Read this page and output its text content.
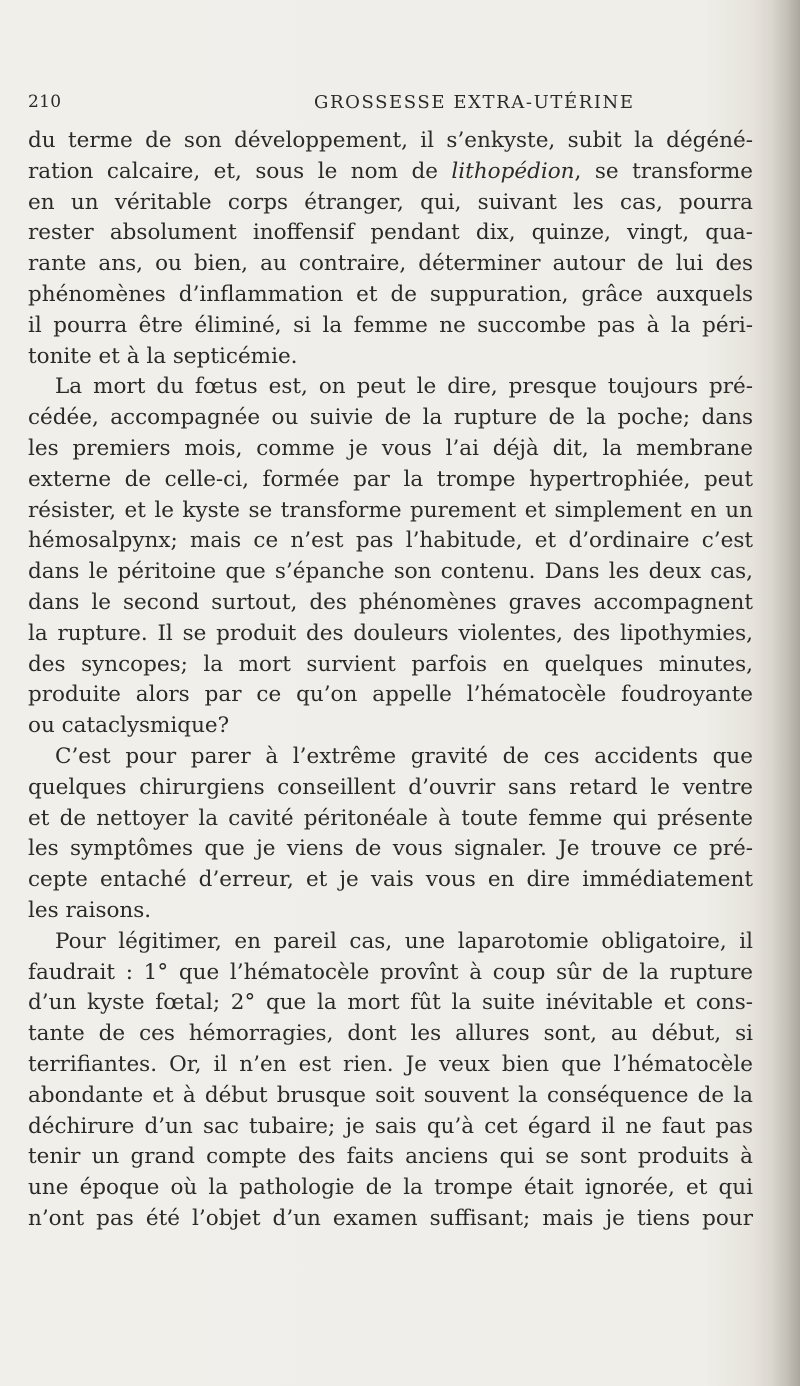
210	GROSSESSE EXTRA-UTÉRINE
du terme de son développement, il s’enkyste, subit la dégéné-
ration calcaire, et, sous le nom de lithopédion, se transforme
en un véritable corps étranger, qui, suivant les cas, pourra
rester absolument inoffensif pendant dix, quinze, vingt, qua-
rante ans, ou bien, au contraire, déterminer autour de lui des
phénomènes d’inflammation et de suppuration, grâce auxquels
il pourra être éliminé, si la femme ne succombe pas à la péri-
tonite et à la septicémie.
La mort du fœtus est, on peut le dire, presque toujours pré-
cédée, accompagnée ou suivie de la rupture de la poche; dans
les premiers mois, comme je vous l’ai déjà dit, la membrane
externe de celle-ci, formée par la trompe hypertrophiée, peut
résister, et le kyste se transforme purement et simplement en un
hémosalpynx; mais ce n’est pas l’habitude, et d’ordinaire c’est
dans le péritoine que s’épanche son contenu. Dans les deux cas,
dans le second surtout, des phénomènes graves accompagnent
la rupture. Il se produit des douleurs violentes, des lipothymies,
des syncopes; la mort survient parfois en quelques minutes,
produite alors par ce qu’on appelle l’hématocèle foudroyante
ou cataclysmique?
C’est pour parer à l’extrême gravité de ces accidents que
quelques chirurgiens conseillent d’ouvrir sans retard le ventre
et de nettoyer la cavité péritonéale à toute femme qui présente
les symptômes que je viens de vous signaler. Je trouve ce pré-
cepte entaché d’erreur, et je vais vous en dire immédiatement
les raisons.
Pour légitimer, en pareil cas, une laparotomie obligatoire, il
faudrait : 1° que l’hématocèle provînt à coup sûr de la rupture
d’un kyste fœtal; 2° que la mort fût la suite inévitable et cons-
tante de ces hémorragies, dont les allures sont, au début, si
terrifiantes. Or, il n’en est rien. Je veux bien que l’hématocèle
abondante et à début brusque soit souvent la conséquence de la
déchirure d’un sac tubaire; je sais qu’à cet égard il ne faut pas
tenir un grand compte des faits anciens qui se sont produits à
une époque où la pathologie de la trompe était ignorée, et qui
n’ont pas été l’objet d’un examen suffisant; mais je tiens pour
